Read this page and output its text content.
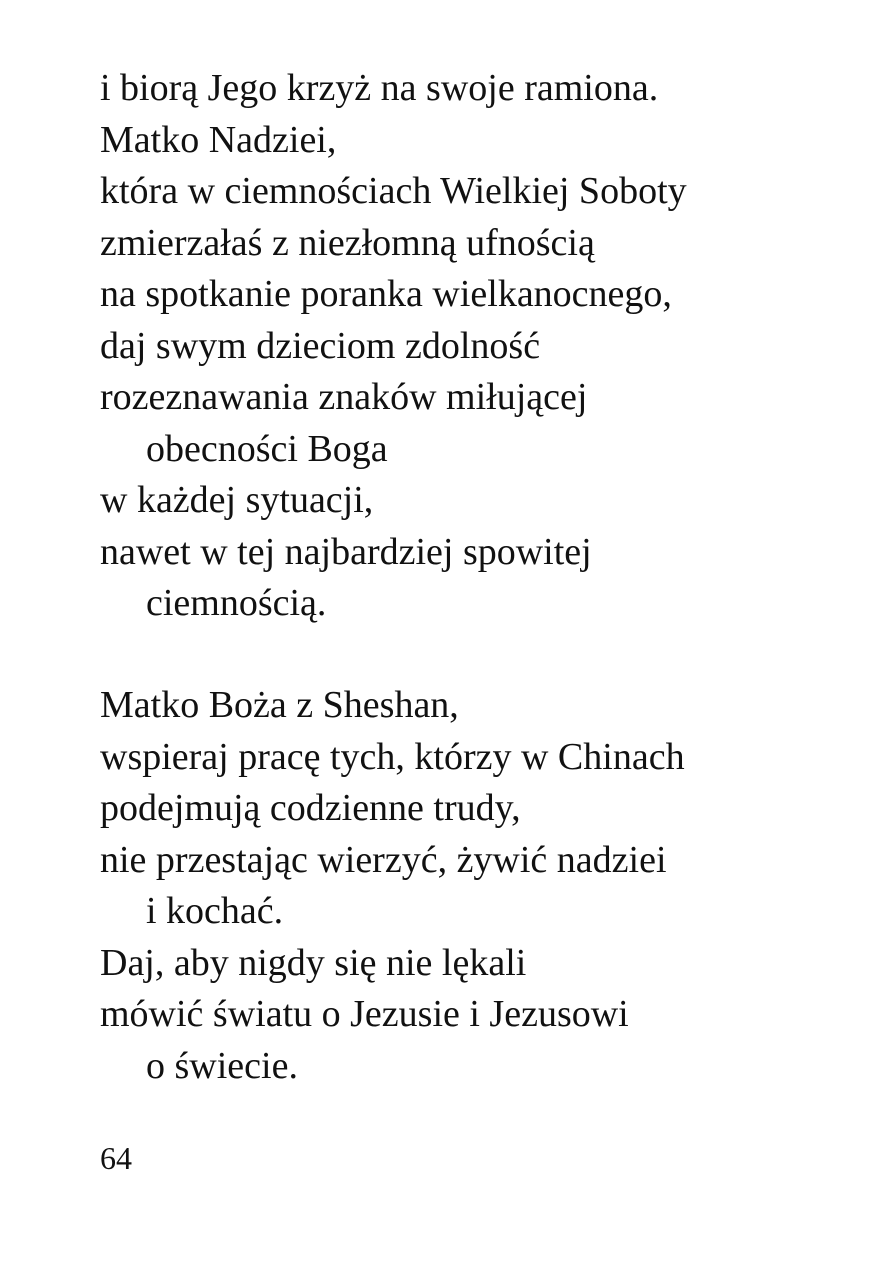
i biorą Jego krzyż na swoje ramiona.
Matko Nadziei,
która w ciemnościach Wielkiej Soboty
zmierzałaś z niezłomną ufnością
na spotkanie poranka wielkanocnego,
daj swym dzieciom zdolność
rozeznawania znaków miłującej
obecności Boga
w każdej sytuacji,
nawet w tej najbardziej spowitej
ciemnością.
Matko Boża z Sheshan,
wspieraj pracę tych, którzy w Chinach
podejmują codzienne trudy,
nie przestając wierzyć, żywić nadziei
i kochać.
Daj, aby nigdy się nie lękali
mówić światu o Jezusie i Jezusowi
o świecie.
64
